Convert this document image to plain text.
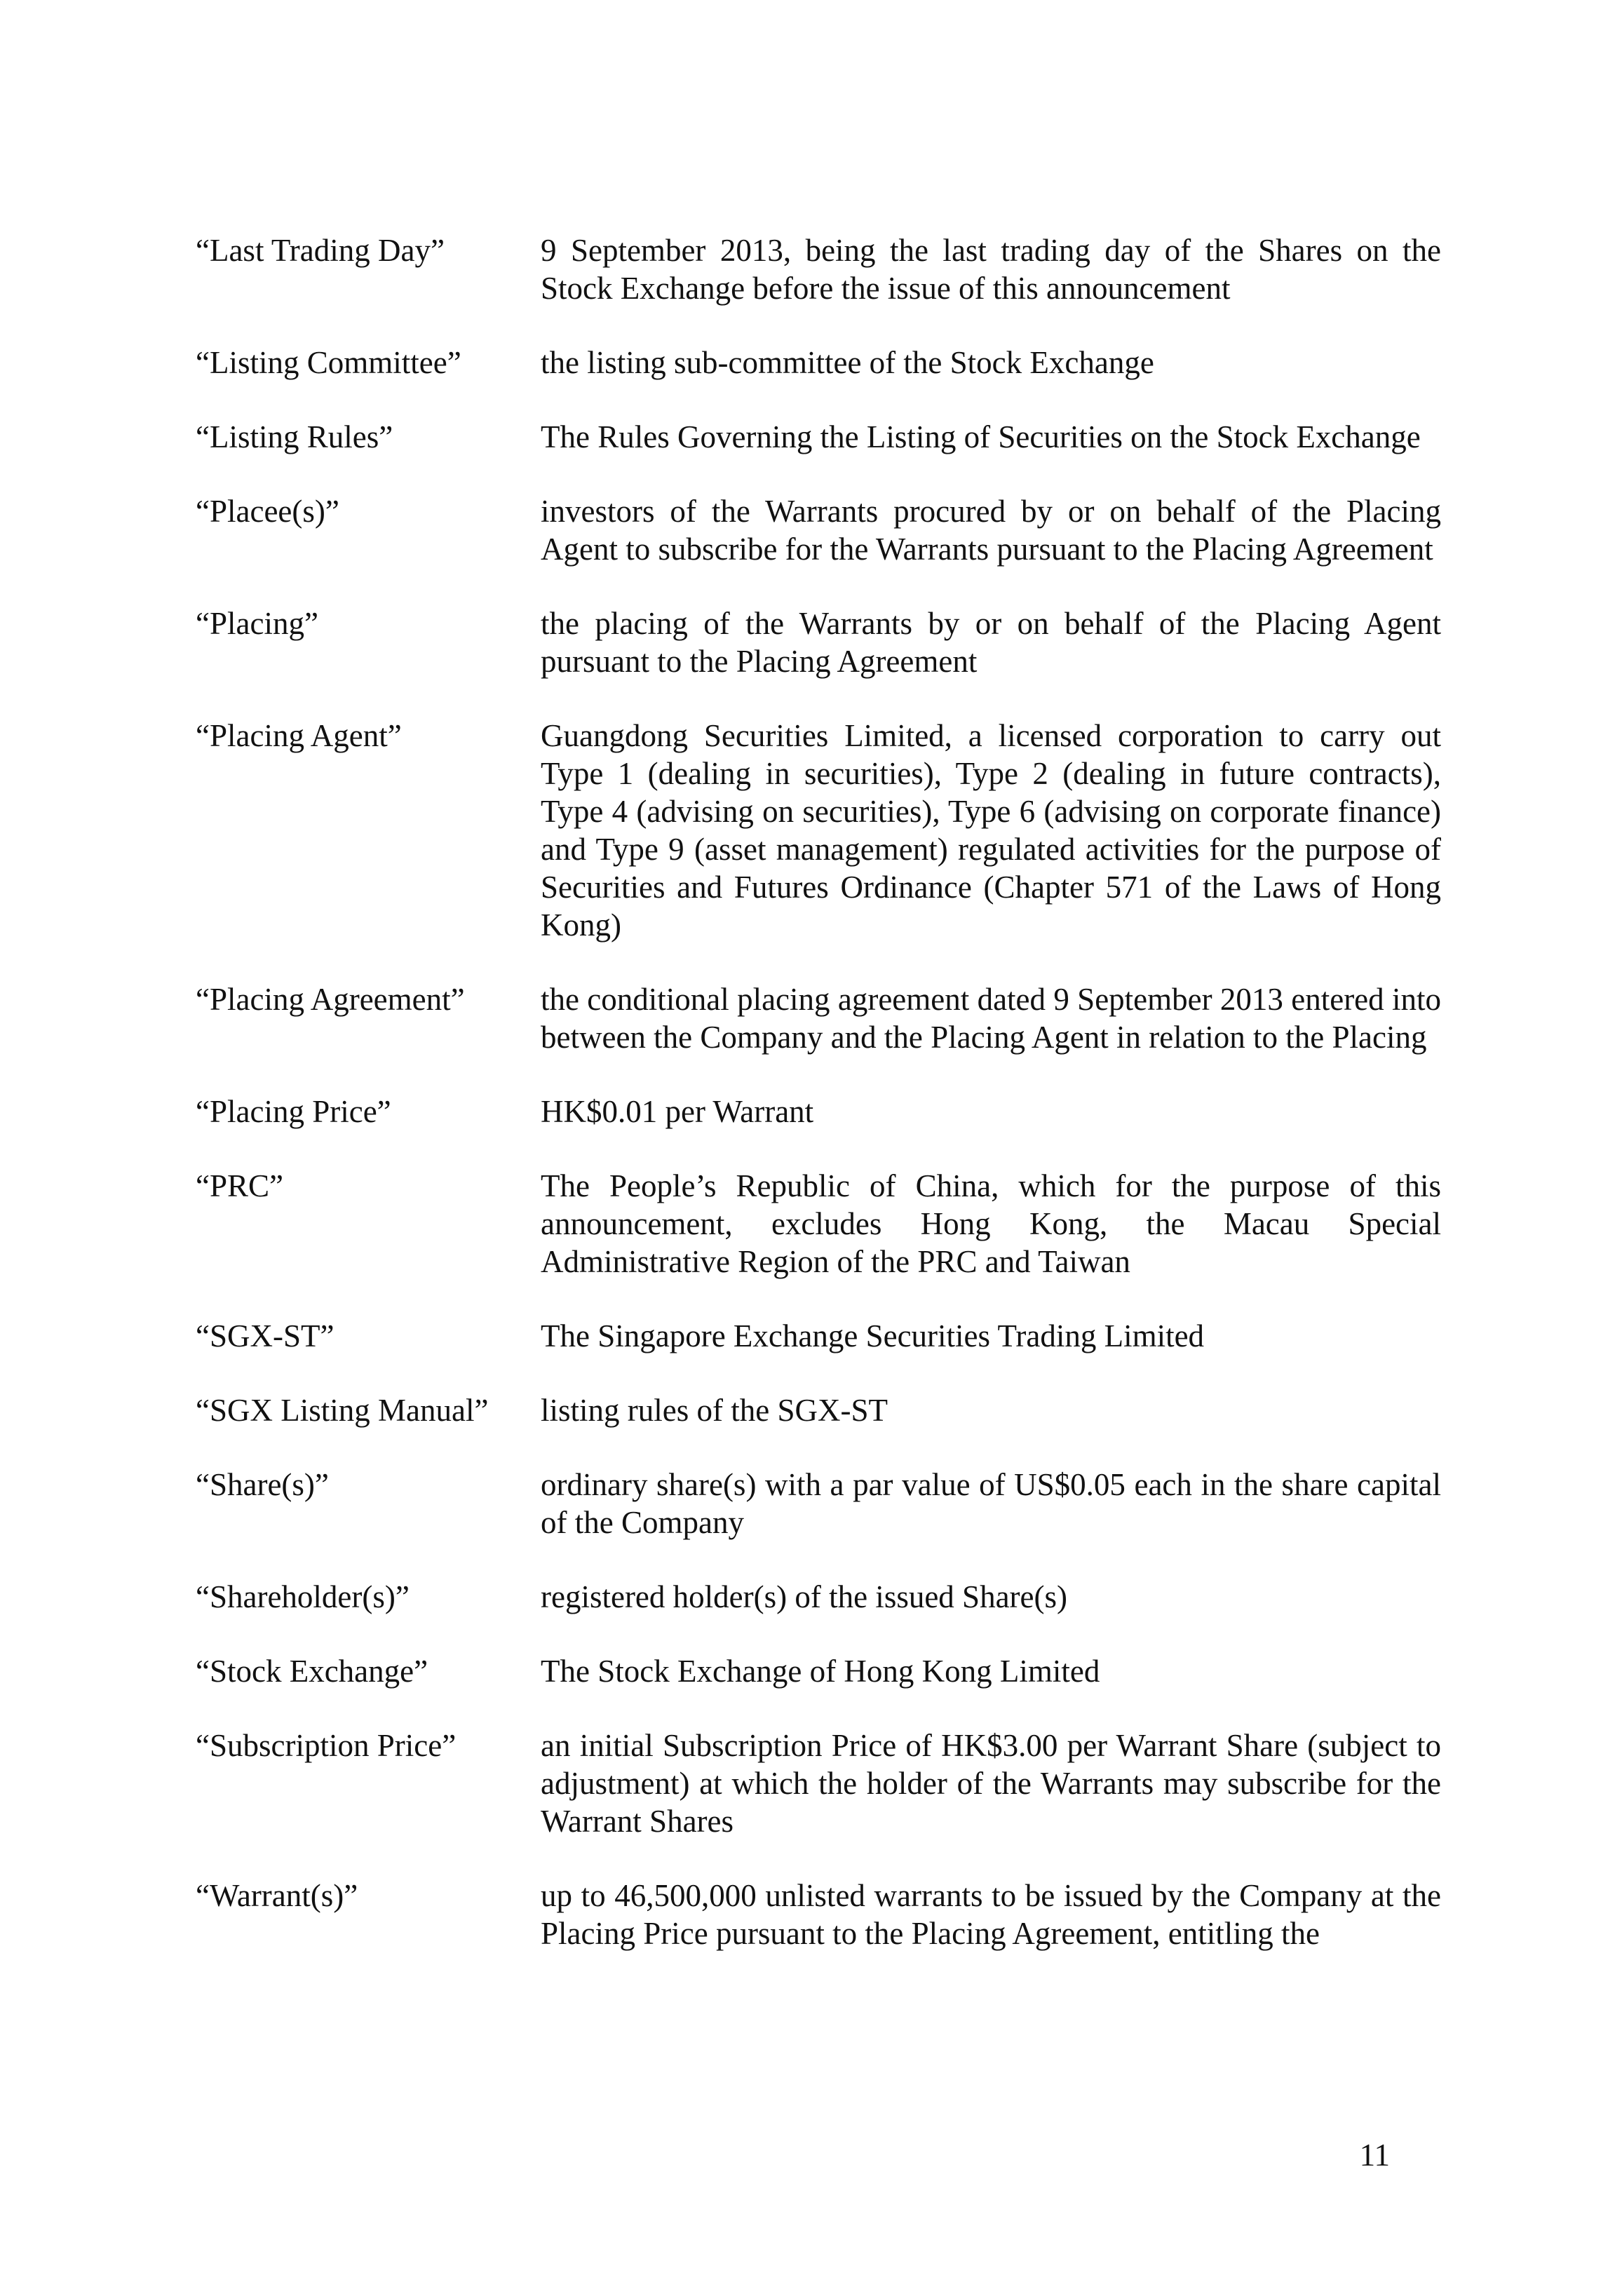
“Last Trading Day”	9 September 2013, being the last trading day of the Shares on the Stock Exchange before the issue of this announcement
“Listing Committee”	the listing sub-committee of the Stock Exchange
“Listing Rules”	The Rules Governing the Listing of Securities on the Stock Exchange
“Placee(s)”	investors of the Warrants procured by or on behalf of the Placing Agent to subscribe for the Warrants pursuant to the Placing Agreement
“Placing”	the placing of the Warrants by or on behalf of the Placing Agent pursuant to the Placing Agreement
“Placing Agent”	Guangdong Securities Limited, a licensed corporation to carry out Type 1 (dealing in securities), Type 2 (dealing in future contracts), Type 4 (advising on securities), Type 6 (advising on corporate finance) and Type 9 (asset management) regulated activities for the purpose of Securities and Futures Ordinance (Chapter 571 of the Laws of Hong Kong)
“Placing Agreement”	the conditional placing agreement dated 9 September 2013 entered into between the Company and the Placing Agent in relation to the Placing
“Placing Price”	HK$0.01 per Warrant
“PRC”	The People’s Republic of China, which for the purpose of this announcement, excludes Hong Kong, the Macau Special Administrative Region of the PRC and Taiwan
“SGX-ST”	The Singapore Exchange Securities Trading Limited
“SGX Listing Manual”	listing rules of the SGX-ST
“Share(s)”	ordinary share(s) with a par value of US$0.05 each in the share capital of the Company
“Shareholder(s)”	registered holder(s) of the issued Share(s)
“Stock Exchange”	The Stock Exchange of Hong Kong Limited
“Subscription Price”	an initial Subscription Price of HK$3.00 per Warrant Share (subject to adjustment) at which the holder of the Warrants may subscribe for the Warrant Shares
“Warrant(s)”	up to 46,500,000 unlisted warrants to be issued by the Company at the Placing Price pursuant to the Placing Agreement, entitling the
11
